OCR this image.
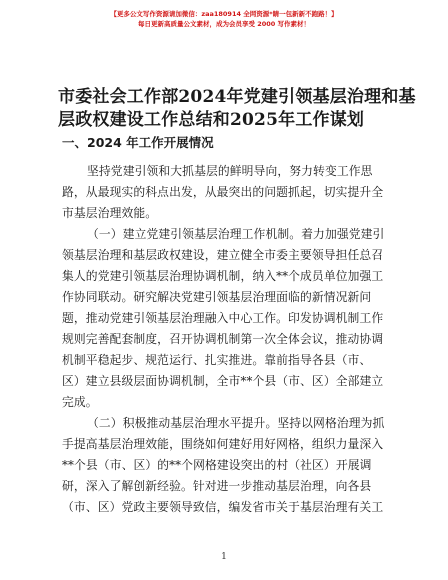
【更多公文写作资源请加微信：zaa180914 全网资源*睛一包新新不跑路！】
每日更新高质量公文素材，成为会员享受 2000 写作素材！
市委社会工作部2024年党建引领基层治理和基
层政权建设工作总结和2025年工作谋划
一、2024 年工作开展情况
坚持党建引领和大抓基层的鲜明导向，努力转变工作思
路，从最现实的科点出发，从最突出的问题抓起，切实提升全
市基层治理效能。
（一）建立党建引领基层治理工作机制。着力加强党建引
领基层治理和基层政权建设，建立健全市委主要领导担任总召
集人的党建引领基层治理协调机制，纳入**个成员单位加强工
作协同联动。研究解决党建引领基层治理面临的新情况新问
题，推动党建引领基层治理融入中心工作。印发协调机制工作
规则完善配套制度，召开协调机制第一次全体会议，推动协调
机制平稳起步、规范运行、扎实推进。靠前指导各县（市、
区）建立县级层面协调机制，全市**个县（市、区）全部建立
完成。
（二）积极推动基层治理水平提升。坚持以网格治理为抓
手提高基层治理效能，围绕如何建好用好网格，组织力量深入
**个县（市、区）的**个网格建设突出的村（社区）开展调
研，深入了解创新经验。针对进一步推动基层治理，向各县
（市、区）党政主要领导致信，编发省市关于基层治理有关工
1
